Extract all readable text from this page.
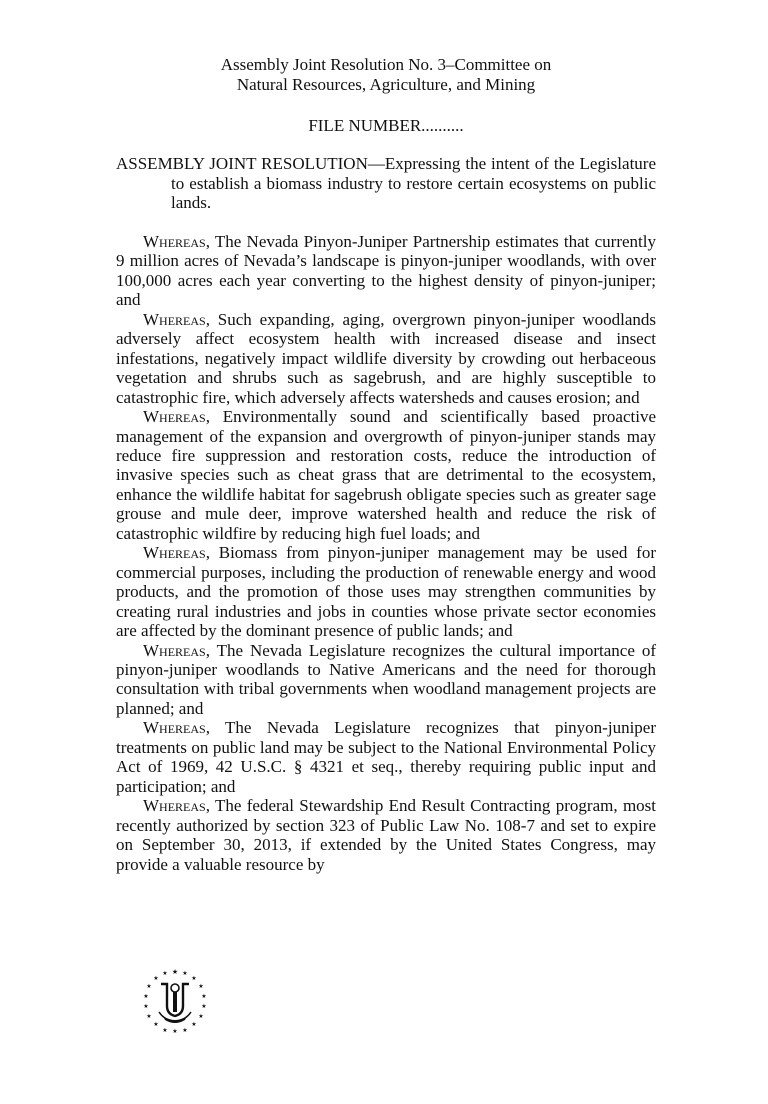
Assembly Joint Resolution No. 3–Committee on
Natural Resources, Agriculture, and Mining
FILE NUMBER..........
ASSEMBLY JOINT RESOLUTION—Expressing the intent of the Legislature to establish a biomass industry to restore certain ecosystems on public lands.

Whereas, The Nevada Pinyon-Juniper Partnership estimates that currently 9 million acres of Nevada’s landscape is pinyon-juniper woodlands, with over 100,000 acres each year converting to the highest density of pinyon-juniper; and

Whereas, Such expanding, aging, overgrown pinyon-juniper woodlands adversely affect ecosystem health with increased disease and insect infestations, negatively impact wildlife diversity by crowding out herbaceous vegetation and shrubs such as sagebrush, and are highly susceptible to catastrophic fire, which adversely affects watersheds and causes erosion; and

Whereas, Environmentally sound and scientifically based proactive management of the expansion and overgrowth of pinyon-juniper stands may reduce fire suppression and restoration costs, reduce the introduction of invasive species such as cheat grass that are detrimental to the ecosystem, enhance the wildlife habitat for sagebrush obligate species such as greater sage grouse and mule deer, improve watershed health and reduce the risk of catastrophic wildfire by reducing high fuel loads; and

Whereas, Biomass from pinyon-juniper management may be used for commercial purposes, including the production of renewable energy and wood products, and the promotion of those uses may strengthen communities by creating rural industries and jobs in counties whose private sector economies are affected by the dominant presence of public lands; and

Whereas, The Nevada Legislature recognizes the cultural importance of pinyon-juniper woodlands to Native Americans and the need for thorough consultation with tribal governments when woodland management projects are planned; and

Whereas, The Nevada Legislature recognizes that pinyon-juniper treatments on public land may be subject to the National Environmental Policy Act of 1969, 42 U.S.C. § 4321 et seq., thereby requiring public input and participation; and

Whereas, The federal Stewardship End Result Contracting program, most recently authorized by section 323 of Public Law No. 108-7 and set to expire on September 30, 2013, if extended by the United States Congress, may provide a valuable resource by

★
★ ★
★	★
★	★
★	★
★	★
★	★
★	★
★ ★
★
